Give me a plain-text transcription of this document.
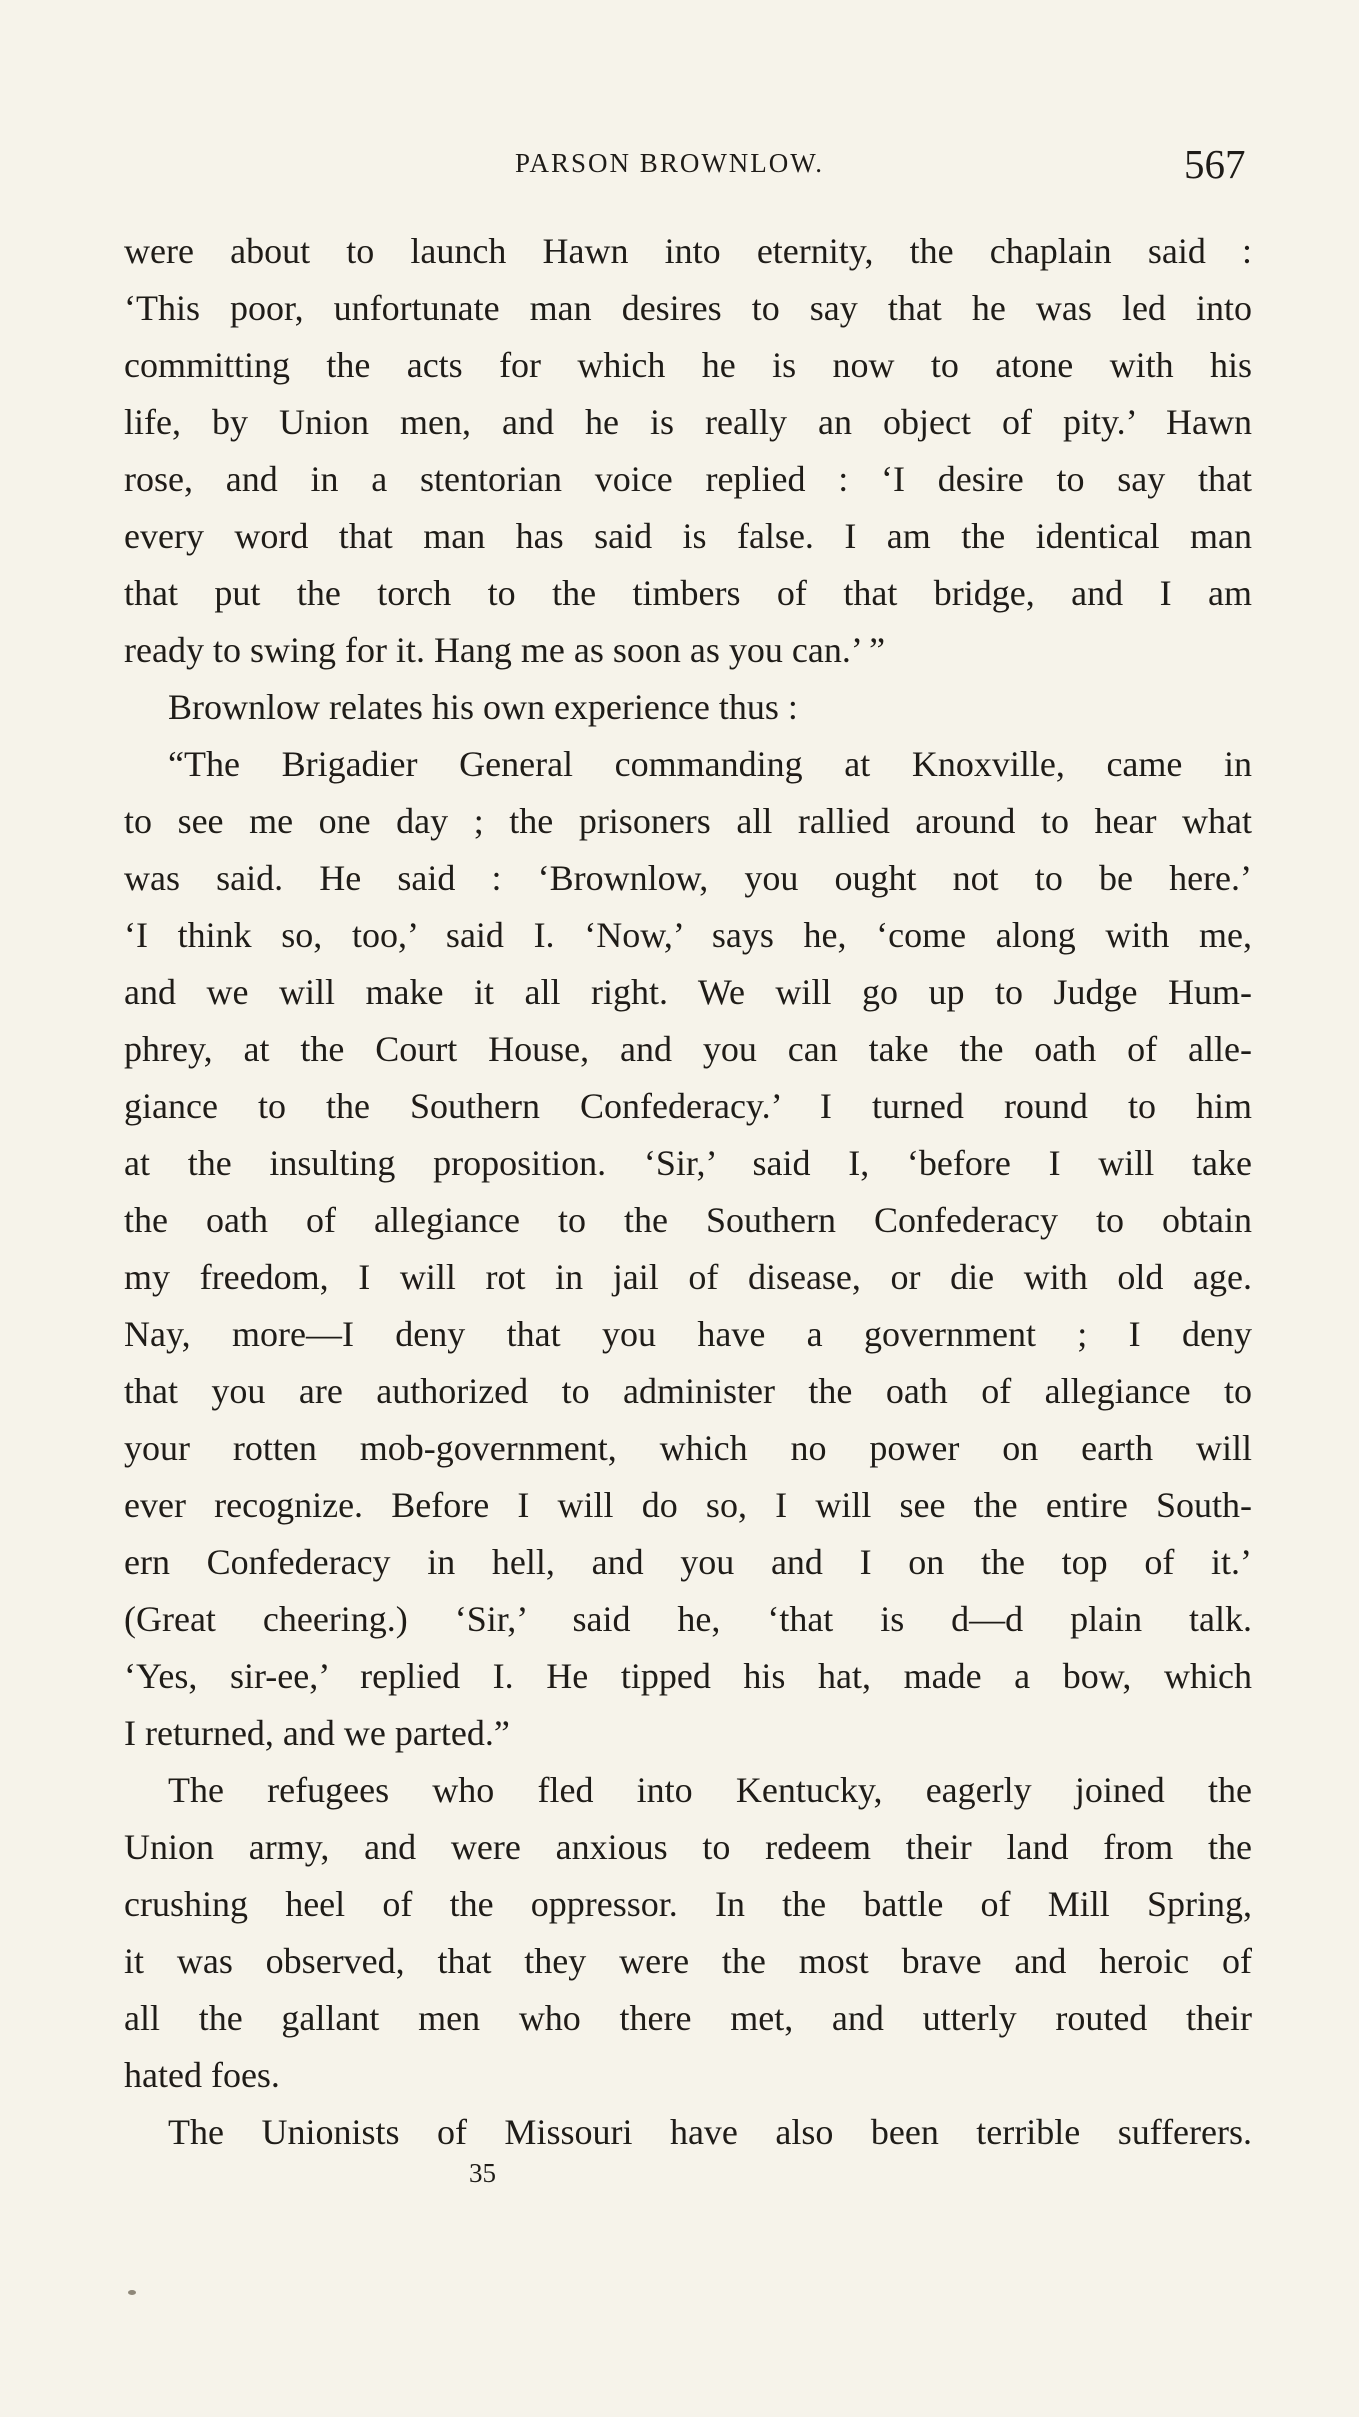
PARSON BROWNLOW.	567
were about to launch Hawn into eternity, the chaplain said :
‘This poor, unfortunate man desires to say that he was led into
committing the acts for which he is now to atone with his
life, by Union men, and he is really an object of pity.’ Hawn
rose, and in a stentorian voice replied : ‘I desire to say that
every word that man has said is false. I am the identical man
that put the torch to the timbers of that bridge, and I am
ready to swing for it. Hang me as soon as you can.’ ”
Brownlow relates his own experience thus :
“The Brigadier General commanding at Knoxville, came in
to see me one day ; the prisoners all rallied around to hear what
was said. He said : ‘Brownlow, you ought not to be here.’
‘I think so, too,’ said I. ‘Now,’ says he, ‘come along with me,
and we will make it all right. We will go up to Judge Hum-
phrey, at the Court House, and you can take the oath of alle-
giance to the Southern Confederacy.’ I turned round to him
at the insulting proposition. ‘Sir,’ said I, ‘before I will take
the oath of allegiance to the Southern Confederacy to obtain
my freedom, I will rot in jail of disease, or die with old age.
Nay, more—I deny that you have a government ; I deny
that you are authorized to administer the oath of allegiance to
your rotten mob-government, which no power on earth will
ever recognize. Before I will do so, I will see the entire South-
ern Confederacy in hell, and you and I on the top of it.’
(Great cheering.) ‘Sir,’ said he, ‘that is d—d plain talk.
‘Yes, sir-ee,’ replied I. He tipped his hat, made a bow, which
I returned, and we parted.”
The refugees who fled into Kentucky, eagerly joined the
Union army, and were anxious to redeem their land from the
crushing heel of the oppressor. In the battle of Mill Spring,
it was observed, that they were the most brave and heroic of
all the gallant men who there met, and utterly routed their
hated foes.
The Unionists of Missouri have also been terrible sufferers.
35
